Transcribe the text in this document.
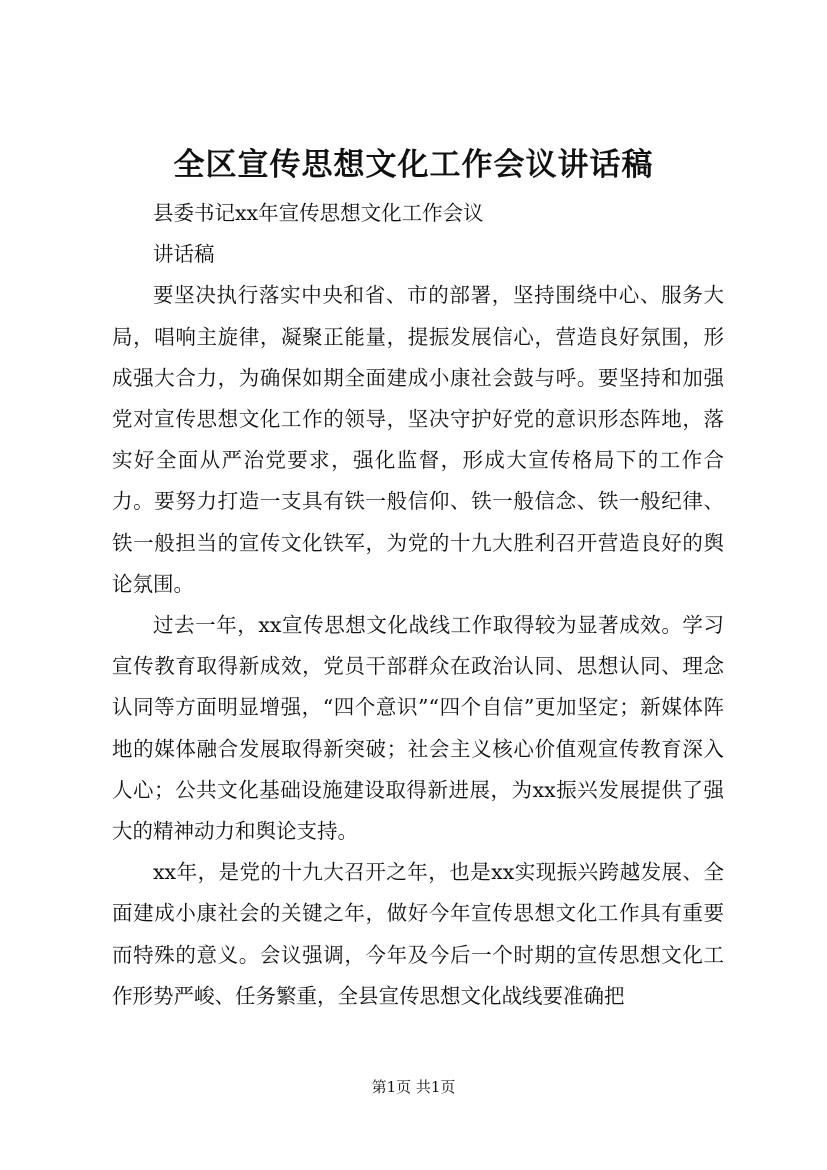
全区宣传思想文化工作会议讲话稿

县委书记xx年宣传思想文化工作会议

讲话稿

要坚决执行落实中央和省、市的部署，坚持围绕中心、服务大局，唱响主旋律，凝聚正能量，提振发展信心，营造良好氛围，形成强大合力，为确保如期全面建成小康社会鼓与呼。要坚持和加强党对宣传思想文化工作的领导，坚决守护好党的意识形态阵地，落实好全面从严治党要求，强化监督，形成大宣传格局下的工作合力。要努力打造一支具有铁一般信仰、铁一般信念、铁一般纪律、铁一般担当的宣传文化铁军，为党的十九大胜利召开营造良好的舆论氛围。

过去一年，xx宣传思想文化战线工作取得较为显著成效。学习宣传教育取得新成效，党员干部群众在政治认同、思想认同、理念认同等方面明显增强，“四个意识”“四个自信”更加坚定；新媒体阵地的媒体融合发展取得新突破；社会主义核心价值观宣传教育深入人心；公共文化基础设施建设取得新进展，为xx振兴发展提供了强大的精神动力和舆论支持。

xx年，是党的十九大召开之年，也是xx实现振兴跨越发展、全面建成小康社会的关键之年，做好今年宣传思想文化工作具有重要而特殊的意义。会议强调，今年及今后一个时期的宣传思想文化工作形势严峻、任务繁重，全县宣传思想文化战线要准确把

第1页 共1页
